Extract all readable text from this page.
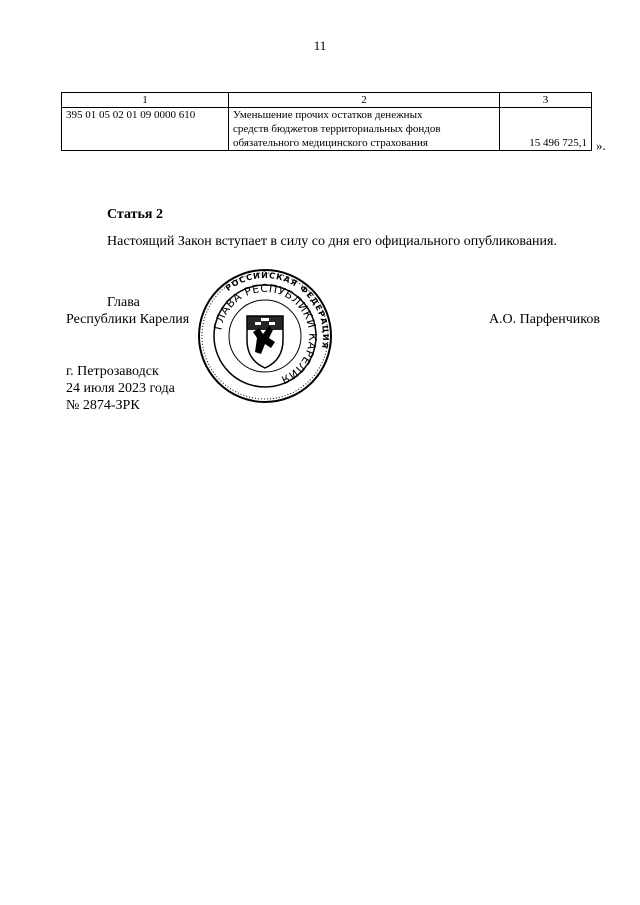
11
1	2	3
395 01 05 02 01 09 0000 610	Уменьшение прочих остатков денежных
средств бюджетов территориальных фондов
обязательного медицинского страхования	15 496 725,1 ».
Статья 2
Настоящий Закон вступает в силу со дня его официального опубликования.
Глава
Республики Карелия	А.О. Парфенчиков
РОССИЙСКАЯ ФЕДЕРАЦИЯ
ГЛАВА РЕСПУБЛИКИ КАРЕЛИЯ
г. Петрозаводск
24 июля 2023 года
№ 2874-ЗРК
